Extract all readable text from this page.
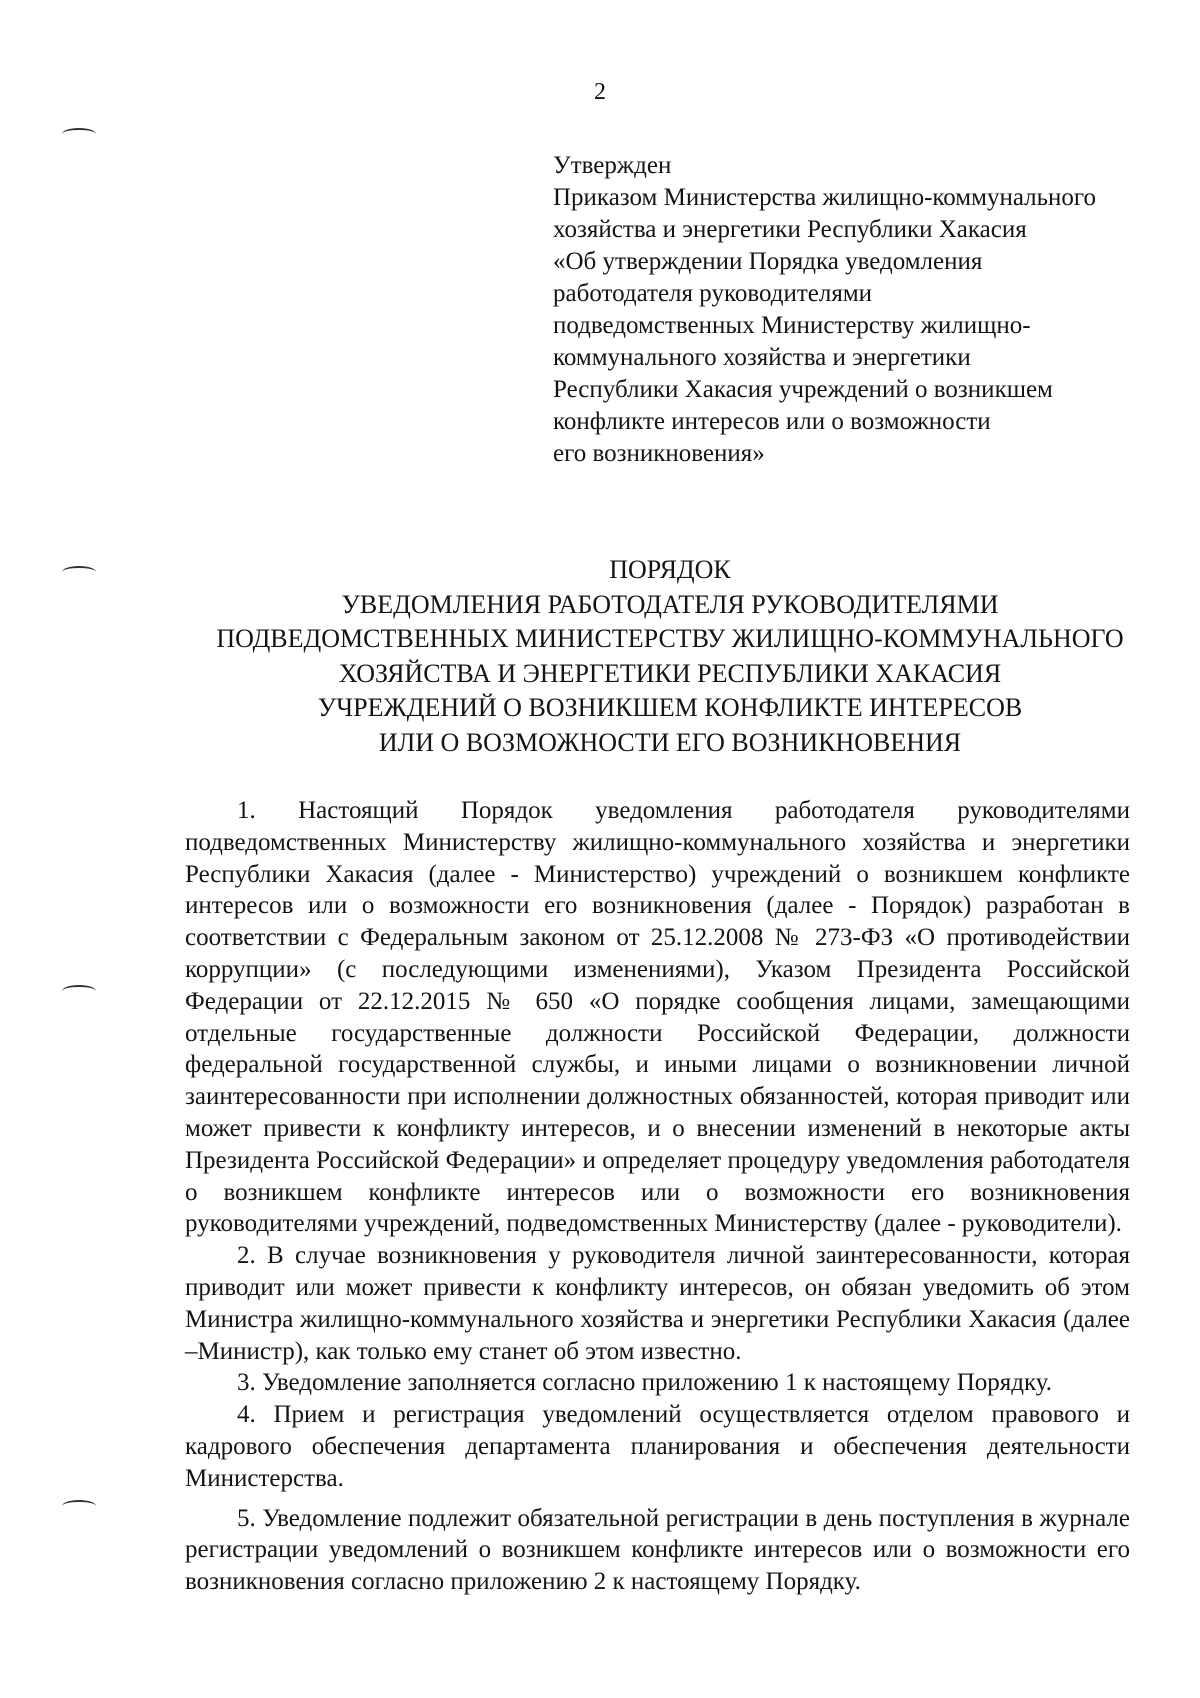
2
Утвержден
Приказом Министерства жилищно-коммунального
хозяйства и энергетики Республики Хакасия
«Об утверждении Порядка уведомления
работодателя руководителями
подведомственных Министерству жилищно-
коммунального хозяйства и энергетики
Республики Хакасия учреждений о возникшем
конфликте интересов или о возможности
его возникновения»
ПОРЯДОК
УВЕДОМЛЕНИЯ РАБОТОДАТЕЛЯ РУКОВОДИТЕЛЯМИ
ПОДВЕДОМСТВЕННЫХ МИНИСТЕРСТВУ ЖИЛИЩНО-КОММУНАЛЬНОГО
ХОЗЯЙСТВА И ЭНЕРГЕТИКИ РЕСПУБЛИКИ ХАКАСИЯ
УЧРЕЖДЕНИЙ О ВОЗНИКШЕМ КОНФЛИКТЕ ИНТЕРЕСОВ
ИЛИ О ВОЗМОЖНОСТИ ЕГО ВОЗНИКНОВЕНИЯ

1. Настоящий Порядок уведомления работодателя руководителями подведомственных Министерству жилищно-коммунального хозяйства и энергетики Республики Хакасия (далее - Министерство) учреждений о возникшем конфликте интересов или о возможности его возникновения (далее - Порядок) разработан в соответствии с Федеральным законом от 25.12.2008 № 273-ФЗ «О противодействии коррупции» (с последующими изменениями), Указом Президента Российской Федерации от 22.12.2015 № 650 «О порядке сообщения лицами, замещающими отдельные государственные должности Российской Федерации, должности федеральной государственной службы, и иными лицами о возникновении личной заинтересованности при исполнении должностных обязанностей, которая приводит или может привести к конфликту интересов, и о внесении изменений в некоторые акты Президента Российской Федерации» и определяет процедуру уведомления работодателя о возникшем конфликте интересов или о возможности его возникновения руководителями учреждений, подведомственных Министерству (далее - руководители).

2. В случае возникновения у руководителя личной заинтересованности, которая приводит или может привести к конфликту интересов, он обязан уведомить об этом Министра жилищно-коммунального хозяйства и энергетики Республики Хакасия (далее –Министр), как только ему станет об этом известно.

3. Уведомление заполняется согласно приложению 1 к настоящему Порядку.

4. Прием и регистрация уведомлений осуществляется отделом правового и кадрового обеспечения департамента планирования и обеспечения деятельности Министерства.

5. Уведомление подлежит обязательной регистрации в день поступления в журнале регистрации уведомлений о возникшем конфликте интересов или о возможности его возникновения согласно приложению 2 к настоящему Порядку.
